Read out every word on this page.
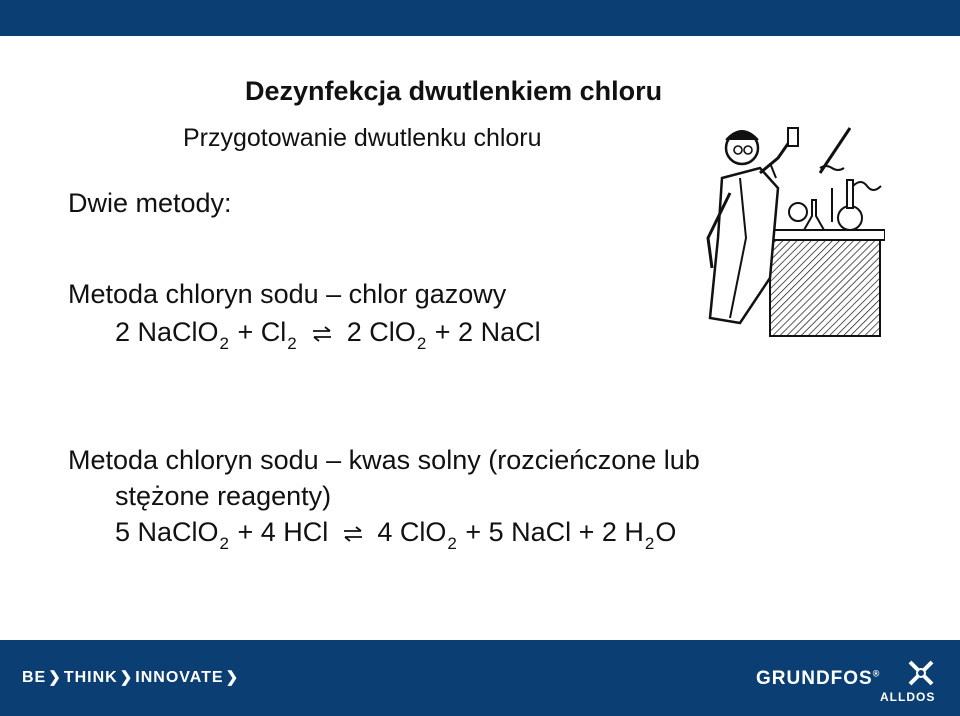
Dezynfekcja dwutlenkiem chloru
Przygotowanie dwutlenku chloru
Dwie metody:
Metoda chloryn sodu – chlor gazowy
2 NaClO$_2$ + $Cl_2$ ⇌ 2 ClO$_2$ + 2 NaCl
Metoda chloryn sodu – kwas solny (rozcieńczone lub
stężone reagenty)
5 NaClO$_2$ + 4 HCl ⇌ 4 ClO$_2$ + 5 NaCl + 2 $H_2O$
BE ❯ THINK ❯ INNOVATE ❯	GRUNDFOS®
ALLDOS
